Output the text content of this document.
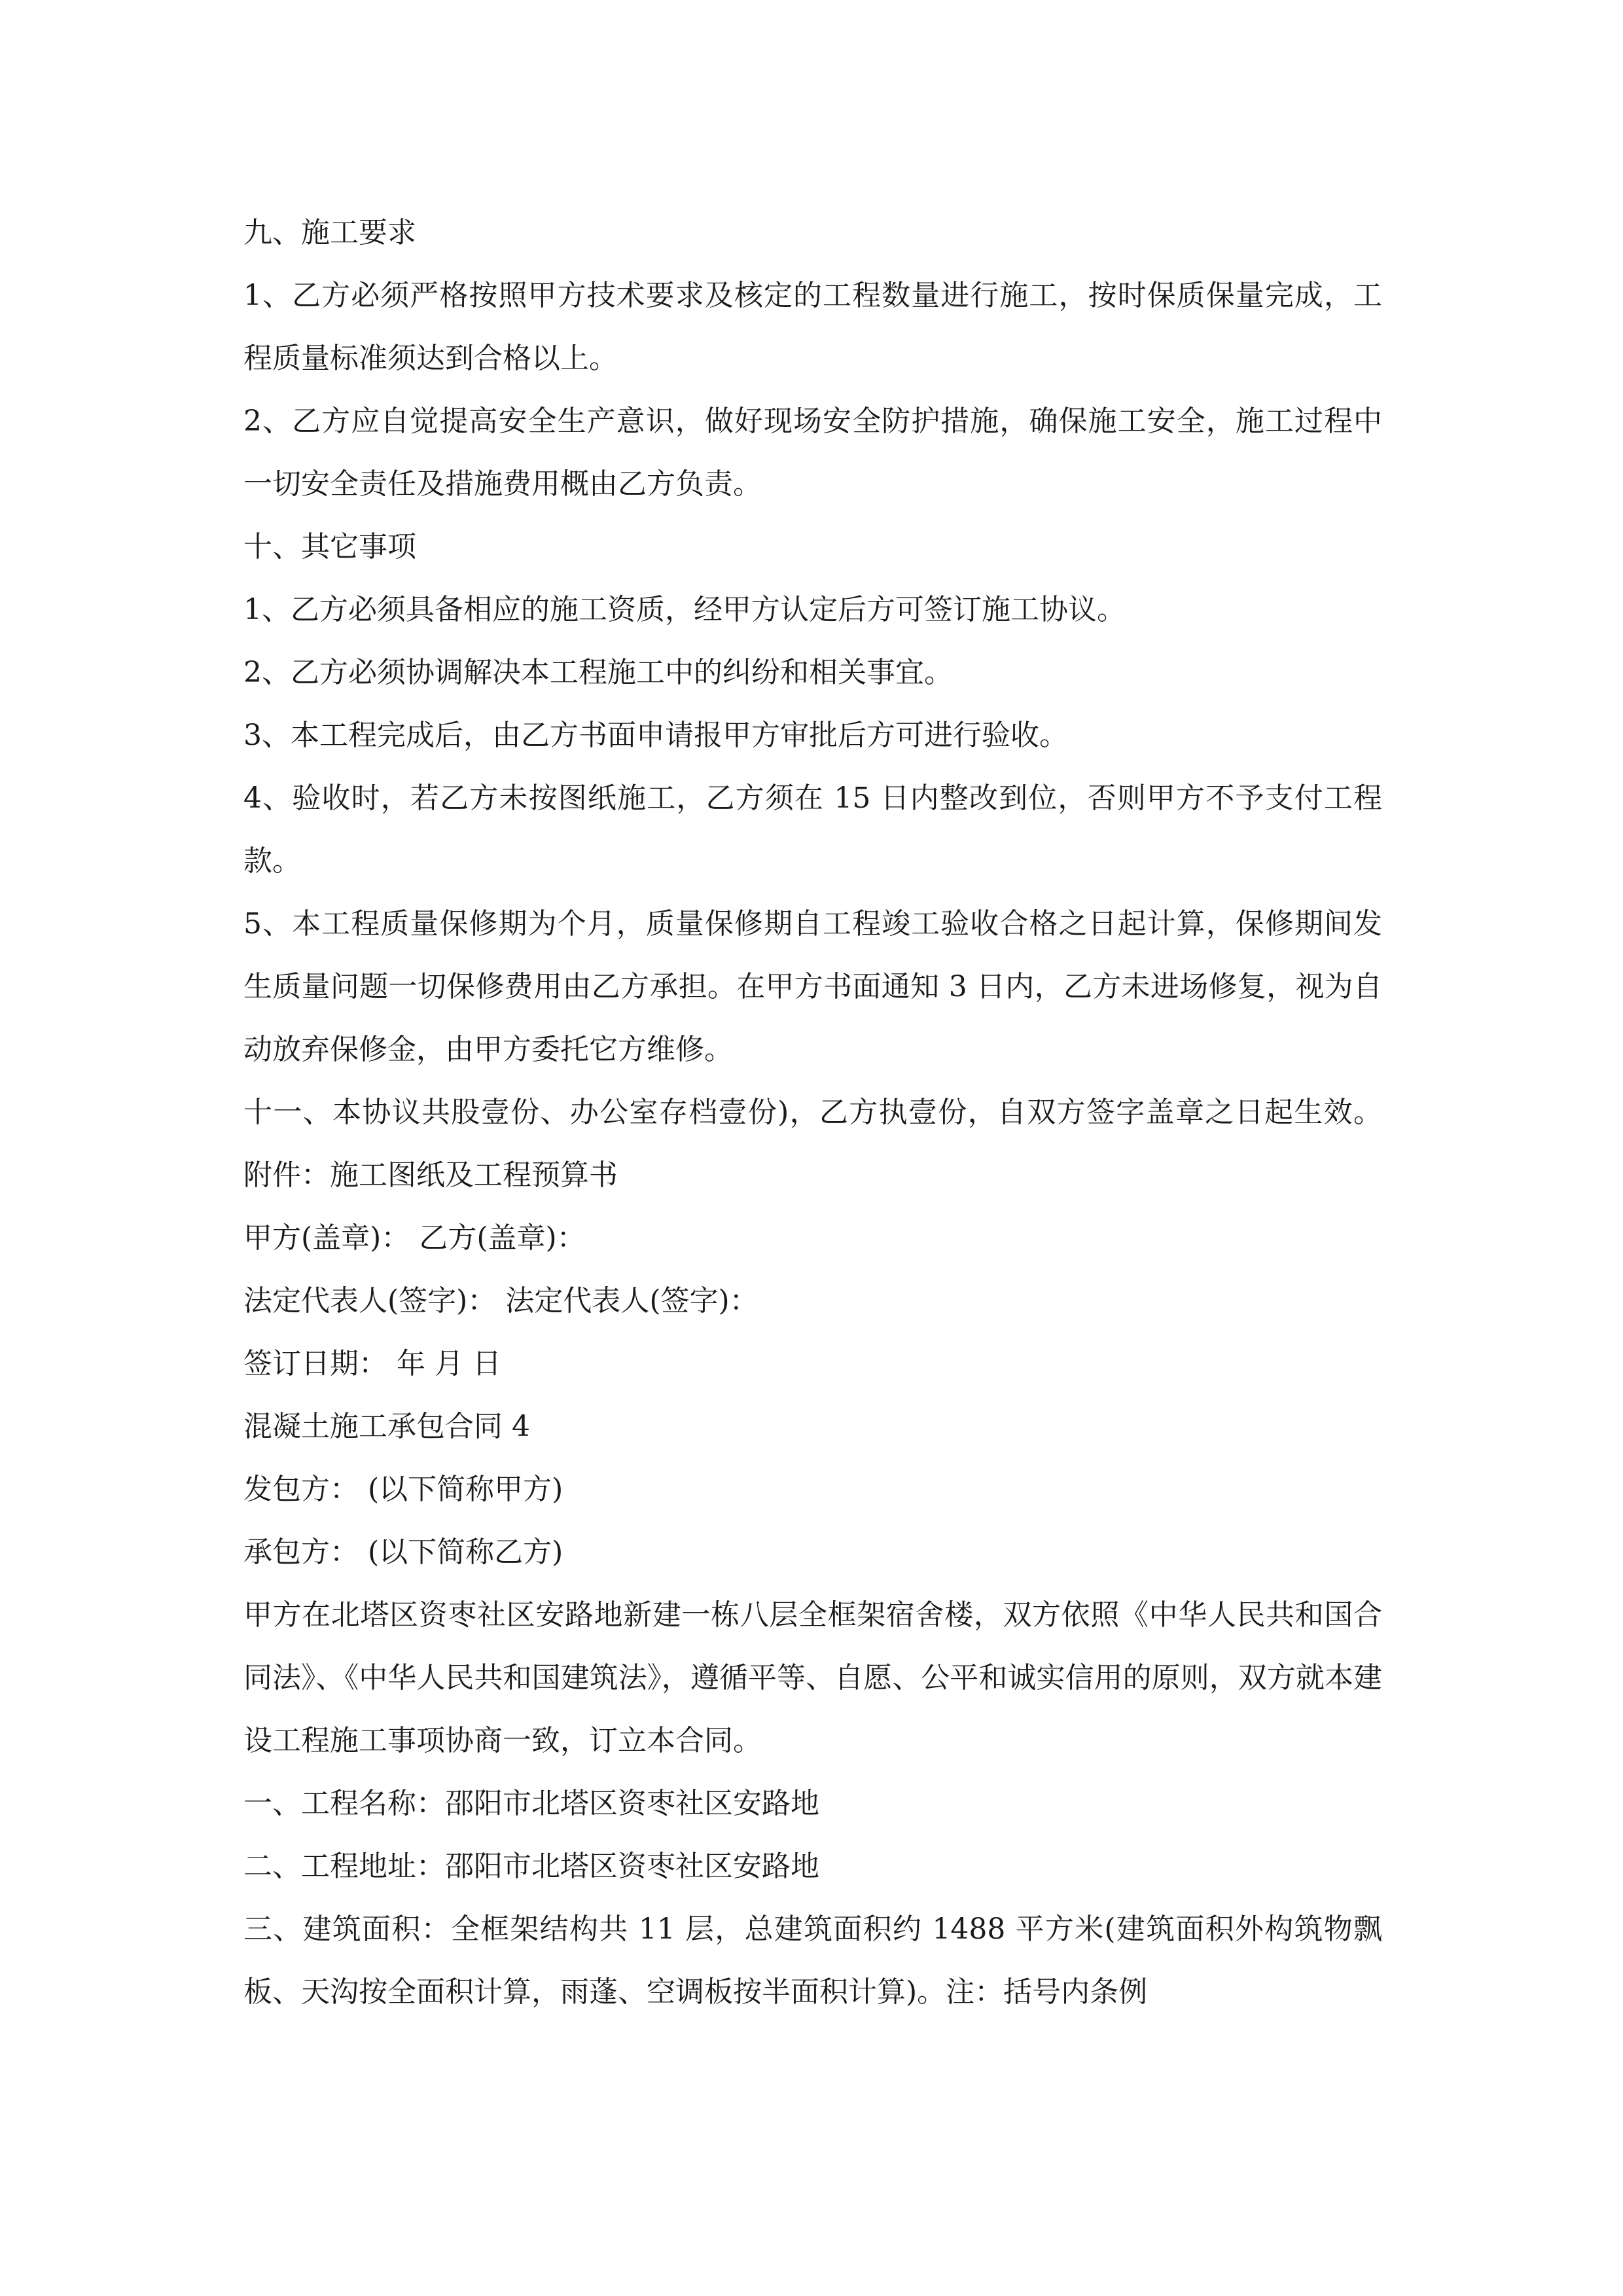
九、施工要求

1、乙方必须严格按照甲方技术要求及核定的工程数量进行施工，按时保质保量完成，工程质量标准须达到合格以上。

2、乙方应自觉提高安全生产意识，做好现场安全防护措施，确保施工安全，施工过程中一切安全责任及措施费用概由乙方负责。

十、其它事项

1、乙方必须具备相应的施工资质，经甲方认定后方可签订施工协议。

2、乙方必须协调解决本工程施工中的纠纷和相关事宜。

3、本工程完成后，由乙方书面申请报甲方审批后方可进行验收。

4、验收时，若乙方未按图纸施工，乙方须在 15 日内整改到位，否则甲方不予支付工程款。

5、本工程质量保修期为个月，质量保修期自工程竣工验收合格之日起计算，保修期间发生质量问题一切保修费用由乙方承担。在甲方书面通知 3 日内，乙方未进场修复，视为自动放弃保修金，由甲方委托它方维修。

十一、本协议共股壹份、办公室存档壹份)，乙方执壹份，自双方签字盖章之日起生效。 附件：施工图纸及工程预算书

甲方(盖章)： 乙方(盖章)：

法定代表人(签字)： 法定代表人(签字)：

签订日期： 年 月 日

混凝土施工承包合同 4

发包方： (以下简称甲方)

承包方： (以下简称乙方)

甲方在北塔区资枣社区安路地新建一栋八层全框架宿舍楼，双方依照《中华人民共和国合同法》、《中华人民共和国建筑法》，遵循平等、自愿、公平和诚实信用的原则，双方就本建设工程施工事项协商一致，订立本合同。

一、工程名称：邵阳市北塔区资枣社区安路地

二、工程地址：邵阳市北塔区资枣社区安路地

三、建筑面积：全框架结构共 11 层，总建筑面积约 1488 平方米(建筑面积外构筑物飘板、天沟按全面积计算，雨蓬、空调板按半面积计算)。注：括号内条例
